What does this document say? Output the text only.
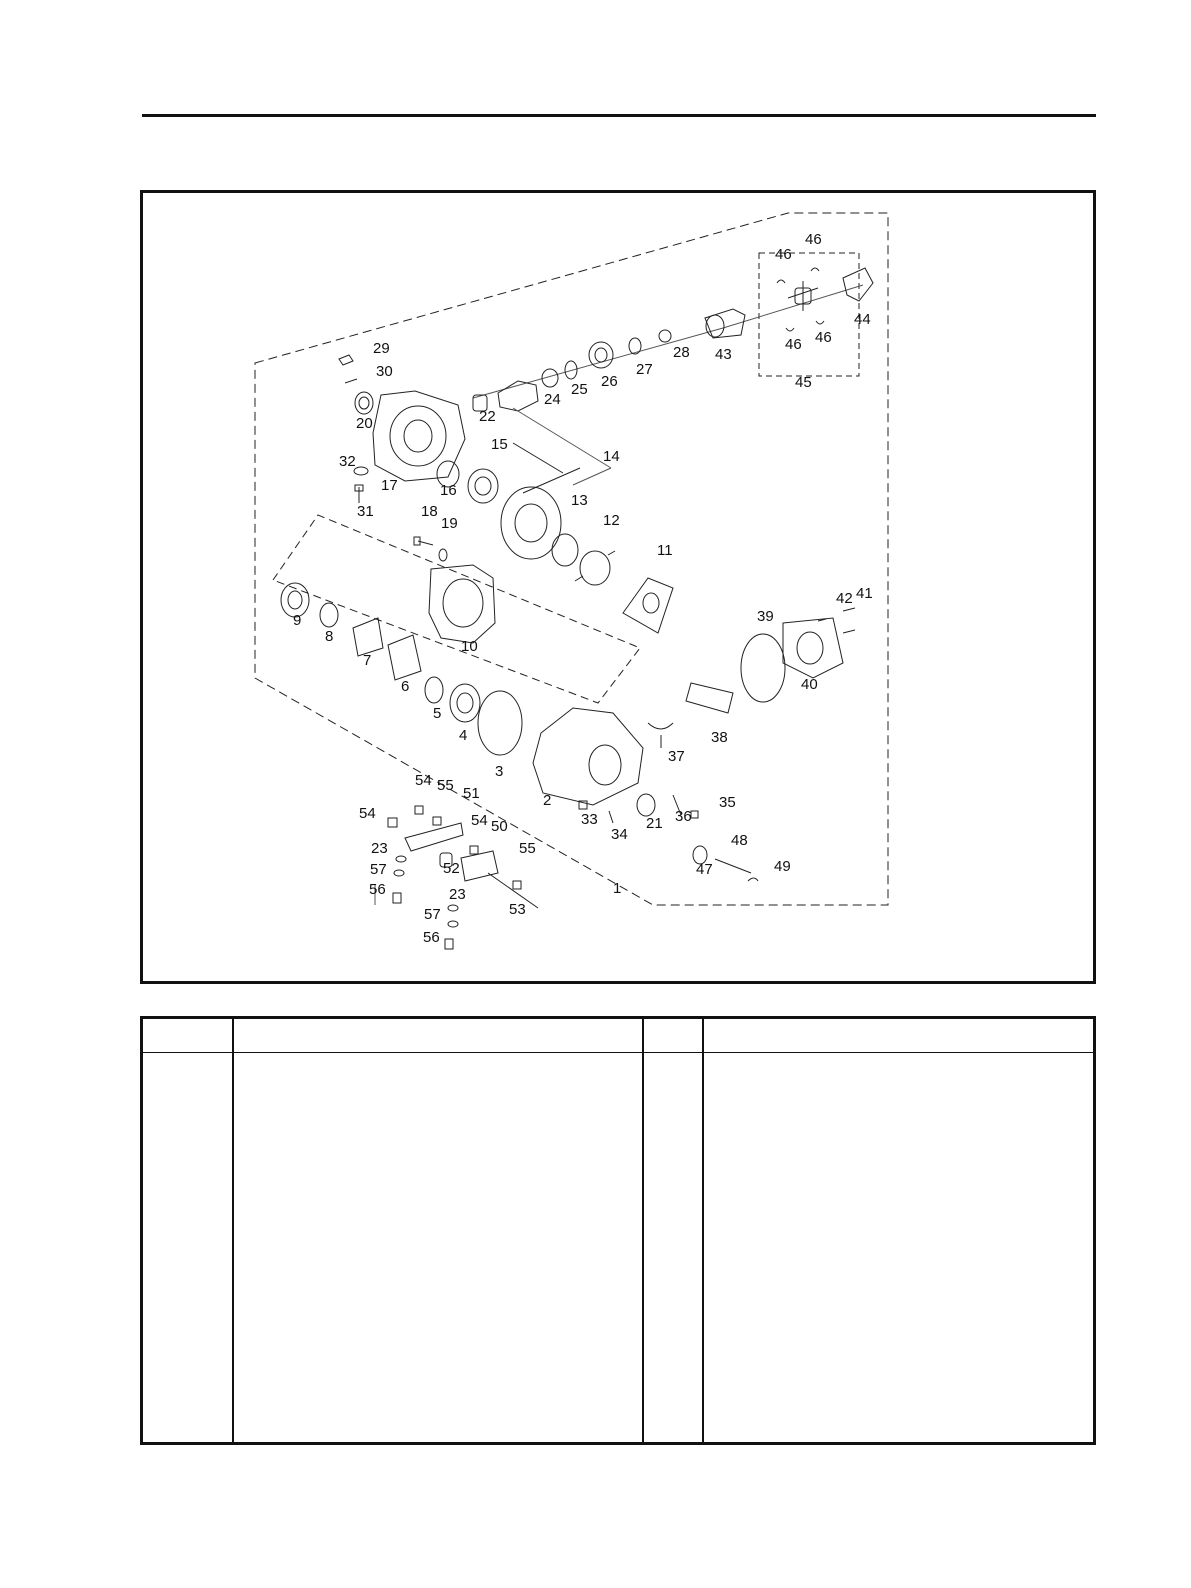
1
2
3
4
5
6
7
8
9
10
11
12
13
14
15
16
17
18
19
20
21
22
23
23
24
25 26
27
28
29
30
31
32
33
34
35
36
37
38
39
40
41
42
43
44
45
46
46
46 46
47
48
49
50
51
52
53
54
54
54
55
55
56
56
57
57
